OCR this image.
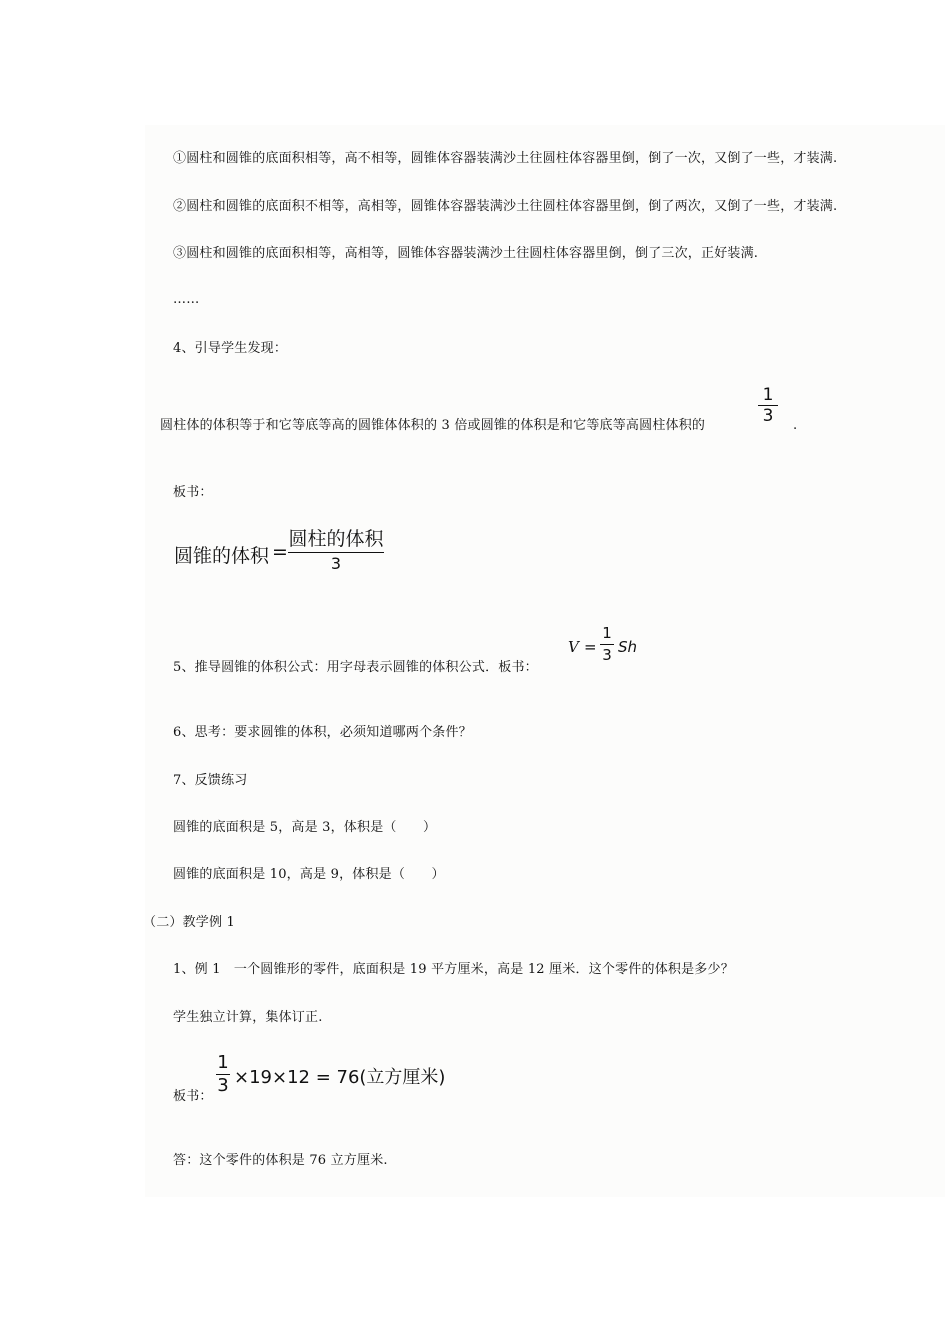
①圆柱和圆锥的底面积相等，高不相等，圆锥体容器装满沙土往圆柱体容器里倒，倒了一次，又倒了一些，才装满.
②圆柱和圆锥的底面积不相等，高相等，圆锥体容器装满沙土往圆柱体容器里倒，倒了两次，又倒了一些，才装满.
③圆柱和圆锥的底面积相等，高相等，圆锥体容器装满沙土往圆柱体容器里倒，倒了三次，正好装满.
……
4、引导学生发现：
圆柱体的体积等于和它等底等高的圆锥体体积的 3 倍或圆锥的体积是和它等底等高圆柱体积的
1
3 .
板书：
圆锥的体积 =
圆柱的体积
3
5、推导圆锥的体积公式：用字母表示圆锥的体积公式．板书：
V =
1
3 Sh
6、思考：要求圆锥的体积，必须知道哪两个条件？
7、反馈练习
圆锥的底面积是 5，高是 3，体积是（　　）
圆锥的底面积是 10，高是 9，体积是（　　）
（二）教学例 1
1、例 1　一个圆锥形的零件，底面积是 19 平方厘米，高是 12 厘米．这个零件的体积是多少？
学生独立计算，集体订正.
1
3 ×19×12 = 76(立方厘米)
板书：
答：这个零件的体积是 76 立方厘米.
